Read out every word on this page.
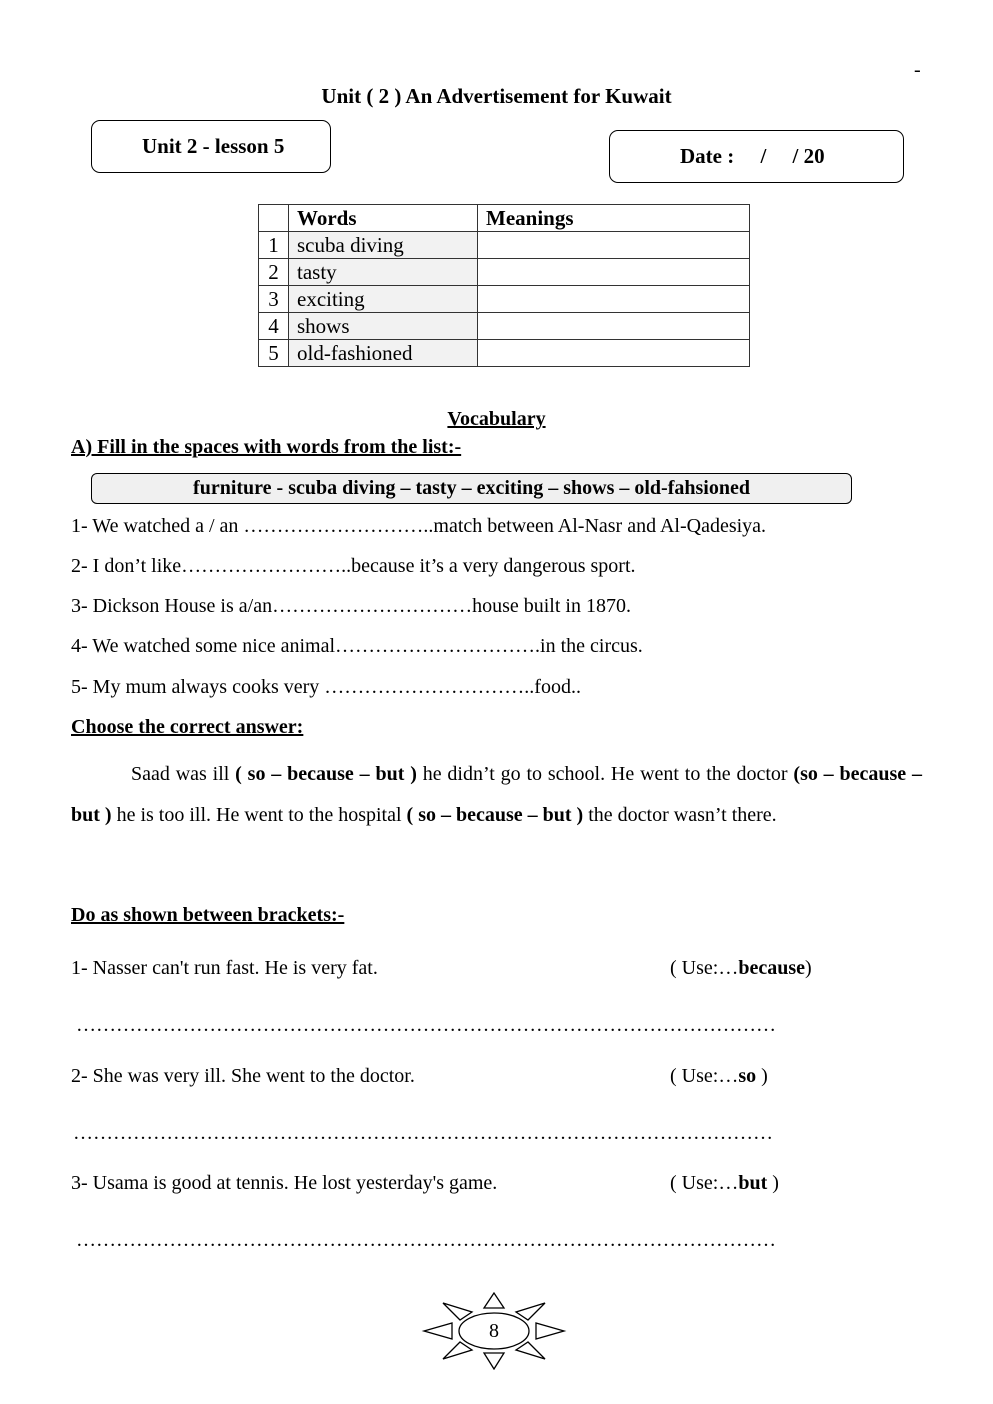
-
Unit ( 2 ) An Advertisement for Kuwait
Unit 2 - lesson 5	Date :     /     / 20
	Words	Meanings
1	scuba diving	
2	tasty	
3	exciting	
4	shows	
5	old-fashioned	
Vocabulary
A) Fill in the spaces with words from the list:-
furniture - scuba diving – tasty – exciting – shows – old-fahsioned
1- We watched a / an ………………………..match between Al-Nasr and Al-Qadesiya.
2- I don’t like……………………..because it’s a very dangerous sport.
3- Dickson House is a/an…………………………house built in 1870.
4- We watched some nice animal………………………….in the circus.
5- My mum always cooks very …………………………..food..
Choose the correct answer:
Saad was ill ( so – because – but ) he didn’t go to school. He went to the doctor (so – because – but ) he is too ill. He went to the hospital ( so – because – but ) the doctor wasn’t there.
Do as shown between brackets:-
1- Nasser can't run fast. He is very fat.	( Use:…because)
……………………………………………………………………………………………
2- She was very ill. She went to the doctor.	( Use:…so )
……………………………………………………………………………………………
3- Usama is good at tennis. He lost yesterday's game.	( Use:…but )
……………………………………………………………………………………………
8
